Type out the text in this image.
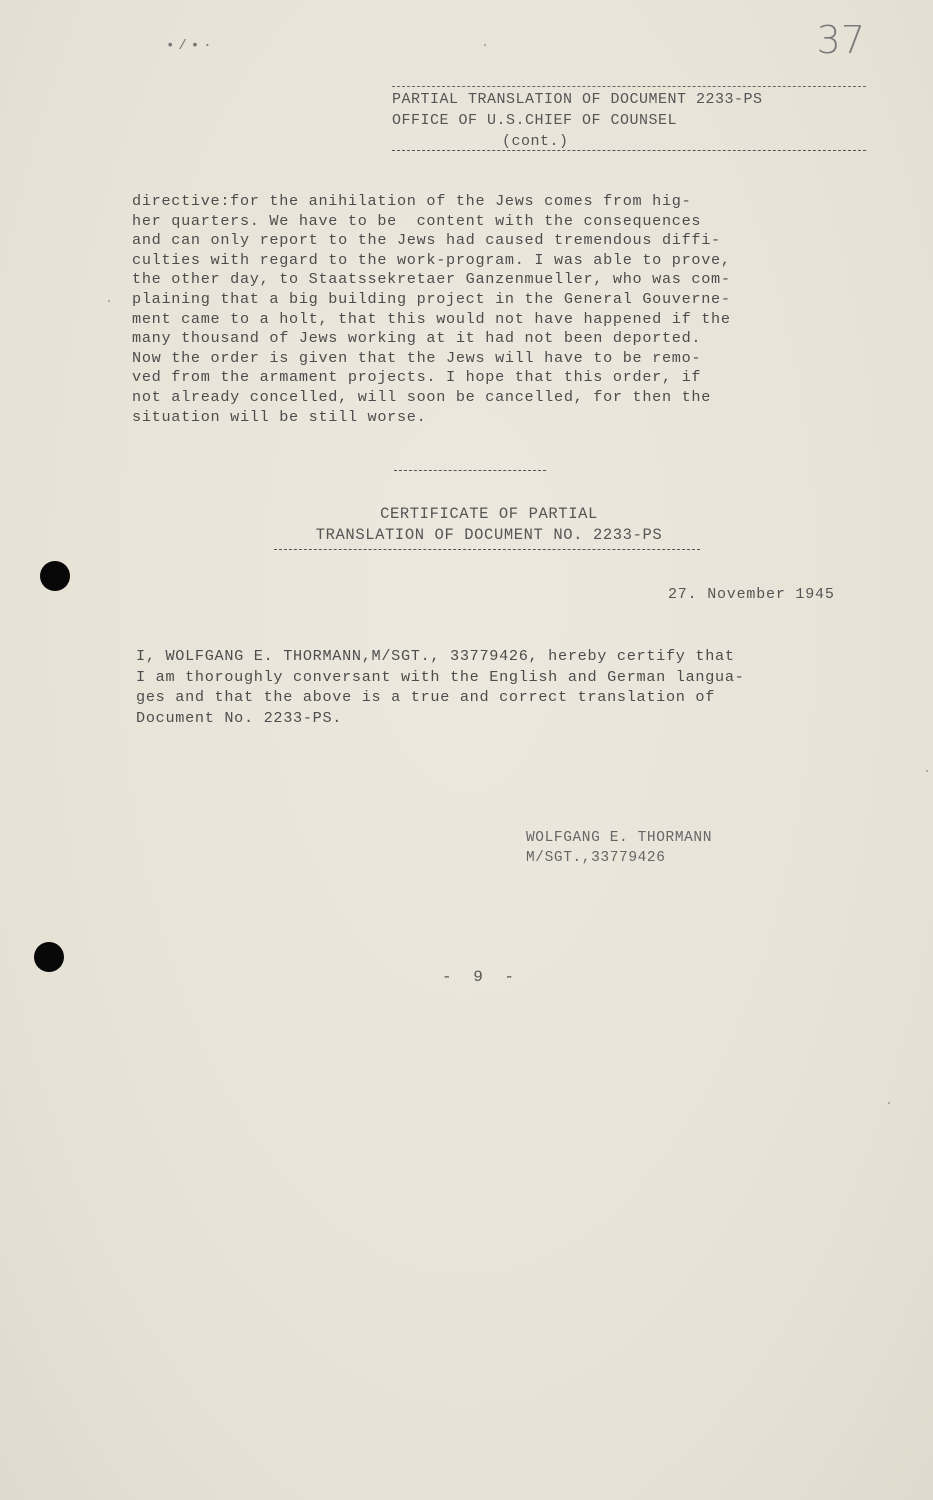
•/•·	37
PARTIAL TRANSLATION OF DOCUMENT 2233-PS
OFFICE OF U.S.CHIEF OF COUNSEL
(cont.)
directive:for the anihilation of the Jews comes from hig-
her quarters. We have to be  content with the consequences
and can only report to the Jews had caused tremendous diffi-
culties with regard to the work-program. I was able to prove,
the other day, to Staatssekretaer Ganzenmueller, who was com-
plaining that a big building project in the General Gouverne-
ment came to a holt, that this would not have happened if the
many thousand of Jews working at it had not been deported.
Now the order is given that the Jews will have to be remo-
ved from the armament projects. I hope that this order, if
not already concelled, will soon be cancelled, for then the
situation will be still worse.
CERTIFICATE OF PARTIAL
TRANSLATION OF DOCUMENT NO. 2233-PS
27. November 1945
I, WOLFGANG E. THORMANN,M/SGT., 33779426, hereby certify that
I am thoroughly conversant with the English and German langua-
ges and that the above is a true and correct translation of
Document No. 2233-PS.
WOLFGANG E. THORMANN
M/SGT.,33779426
- 9 -
